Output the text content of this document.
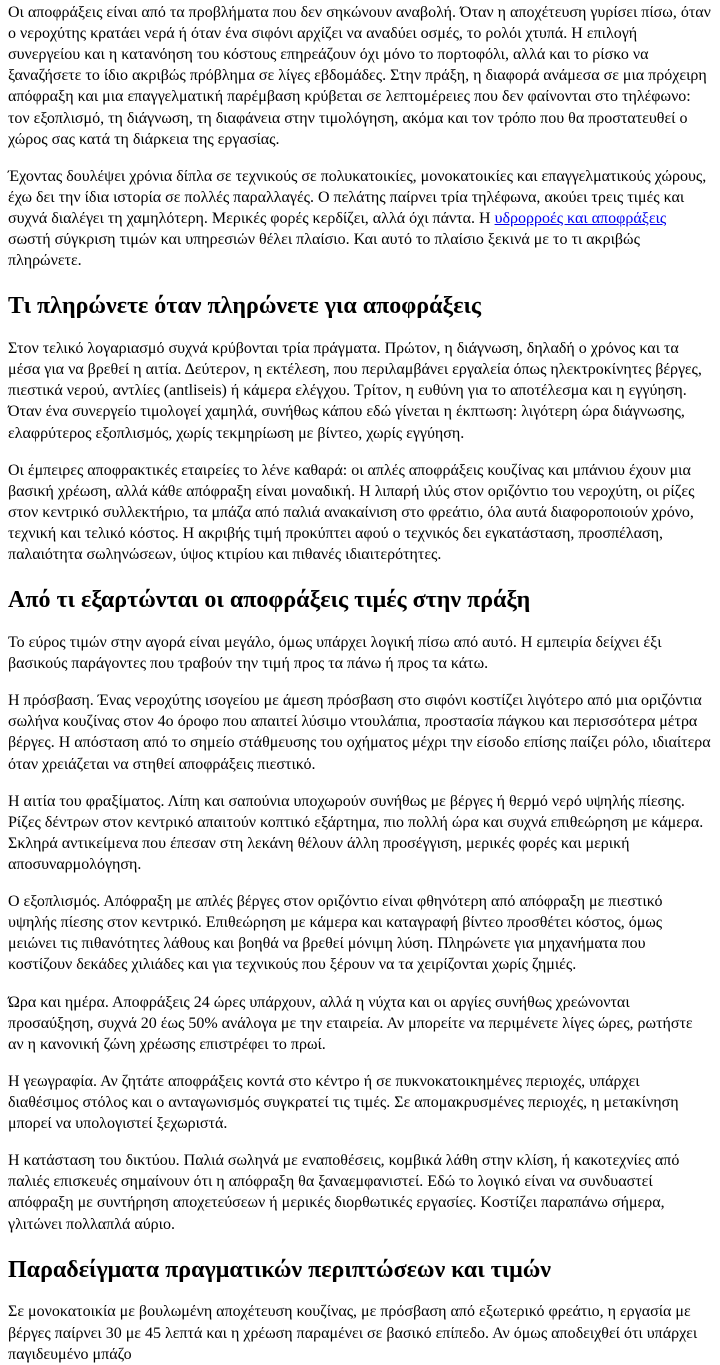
Οι αποφράξεις είναι από τα προβλήματα που δεν σηκώνουν αναβολή. Όταν η αποχέτευση γυρίσει πίσω, όταν ο νεροχύτης κρατάει νερά ή όταν ένα σιφόνι αρχίζει να αναδύει οσμές, το ρολόι χτυπά. Η επιλογή συνεργείου και η κατανόηση του κόστους επηρεάζουν όχι μόνο το πορτοφόλι, αλλά και το ρίσκο να ξαναζήσετε το ίδιο ακριβώς πρόβλημα σε λίγες εβδομάδες. Στην πράξη, η διαφορά ανάμεσα σε μια πρόχειρη απόφραξη και μια επαγγελματική παρέμβαση κρύβεται σε λεπτομέρειες που δεν φαίνονται στο τηλέφωνο: τον εξοπλισμό, τη διάγνωση, τη διαφάνεια στην τιμολόγηση, ακόμα και τον τρόπο που θα προστατευθεί ο χώρος σας κατά τη διάρκεια της εργασίας.

Έχοντας δουλέψει χρόνια δίπλα σε τεχνικούς σε πολυκατοικίες, μονοκατοικίες και επαγγελματικούς χώρους, έχω δει την ίδια ιστορία σε πολλές παραλλαγές. Ο πελάτης παίρνει τρία τηλέφωνα, ακούει τρεις τιμές και συχνά διαλέγει τη χαμηλότερη. Μερικές φορές κερδίζει, αλλά όχι πάντα. Η υδρορροές και αποφράξεις σωστή σύγκριση τιμών και υπηρεσιών θέλει πλαίσιο. Και αυτό το πλαίσιο ξεκινά με το τι ακριβώς πληρώνετε.

Τι πληρώνετε όταν πληρώνετε για αποφράξεις

Στον τελικό λογαριασμό συχνά κρύβονται τρία πράγματα. Πρώτον, η διάγνωση, δηλαδή ο χρόνος και τα μέσα για να βρεθεί η αιτία. Δεύτερον, η εκτέλεση, που περιλαμβάνει εργαλεία όπως ηλεκτροκίνητες βέργες, πιεστικά νερού, αντλίες (antliseis) ή κάμερα ελέγχου. Τρίτον, η ευθύνη για το αποτέλεσμα και η εγγύηση. Όταν ένα συνεργείο τιμολογεί χαμηλά, συνήθως κάπου εδώ γίνεται η έκπτωση: λιγότερη ώρα διάγνωσης, ελαφρύτερος εξοπλισμός, χωρίς τεκμηρίωση με βίντεο, χωρίς εγγύηση.

Οι έμπειρες αποφρακτικές εταιρείες το λένε καθαρά: οι απλές αποφράξεις κουζίνας και μπάνιου έχουν μια βασική χρέωση, αλλά κάθε απόφραξη είναι μοναδική. Η λιπαρή ιλύς στον οριζόντιο του νεροχύτη, οι ρίζες στον κεντρικό συλλεκτήριο, τα μπάζα από παλιά ανακαίνιση στο φρεάτιο, όλα αυτά διαφοροποιούν χρόνο, τεχνική και τελικό κόστος. Η ακριβής τιμή προκύπτει αφού ο τεχνικός δει εγκατάσταση, προσπέλαση, παλαιότητα σωληνώσεων, ύψος κτιρίου και πιθανές ιδιαιτερότητες.

Από τι εξαρτώνται οι αποφράξεις τιμές στην πράξη

Το εύρος τιμών στην αγορά είναι μεγάλο, όμως υπάρχει λογική πίσω από αυτό. Η εμπειρία δείχνει έξι βασικούς παράγοντες που τραβούν την τιμή προς τα πάνω ή προς τα κάτω.

Η πρόσβαση. Ένας νεροχύτης ισογείου με άμεση πρόσβαση στο σιφόνι κοστίζει λιγότερο από μια οριζόντια σωλήνα κουζίνας στον 4ο όροφο που απαιτεί λύσιμο ντουλάπια, προστασία πάγκου και περισσότερα μέτρα βέργες. Η απόσταση από το σημείο στάθμευσης του οχήματος μέχρι την είσοδο επίσης παίζει ρόλο, ιδιαίτερα όταν χρειάζεται να στηθεί αποφράξεις πιεστικό.

Η αιτία του φραξίματος. Λίπη και σαπούνια υποχωρούν συνήθως με βέργες ή θερμό νερό υψηλής πίεσης. Ρίζες δέντρων στον κεντρικό απαιτούν κοπτικό εξάρτημα, πιο πολλή ώρα και συχνά επιθεώρηση με κάμερα. Σκληρά αντικείμενα που έπεσαν στη λεκάνη θέλουν άλλη προσέγγιση, μερικές φορές και μερική αποσυναρμολόγηση.

Ο εξοπλισμός. Απόφραξη με απλές βέργες στον οριζόντιο είναι φθηνότερη από απόφραξη με πιεστικό υψηλής πίεσης στον κεντρικό. Επιθεώρηση με κάμερα και καταγραφή βίντεο προσθέτει κόστος, όμως μειώνει τις πιθανότητες λάθους και βοηθά να βρεθεί μόνιμη λύση. Πληρώνετε για μηχανήματα που κοστίζουν δεκάδες χιλιάδες και για τεχνικούς που ξέρουν να τα χειρίζονται χωρίς ζημιές.

Ώρα και ημέρα. Αποφράξεις 24 ώρες υπάρχουν, αλλά η νύχτα και οι αργίες συνήθως χρεώνονται προσαύξηση, συχνά 20 έως 50% ανάλογα με την εταιρεία. Αν μπορείτε να περιμένετε λίγες ώρες, ρωτήστε αν η κανονική ζώνη χρέωσης επιστρέφει το πρωί.

Η γεωγραφία. Αν ζητάτε αποφράξεις κοντά στο κέντρο ή σε πυκνοκατοικημένες περιοχές, υπάρχει διαθέσιμος στόλος και ο ανταγωνισμός συγκρατεί τις τιμές. Σε απομακρυσμένες περιοχές, η μετακίνηση μπορεί να υπολογιστεί ξεχωριστά.

Η κατάσταση του δικτύου. Παλιά σωληνά με εναποθέσεις, κομβικά λάθη στην κλίση, ή κακοτεχνίες από παλιές επισκευές σημαίνουν ότι η απόφραξη θα ξαναεμφανιστεί. Εδώ το λογικό είναι να συνδυαστεί απόφραξη με συντήρηση αποχετεύσεων ή μερικές διορθωτικές εργασίες. Κοστίζει παραπάνω σήμερα, γλιτώνει πολλαπλά αύριο.

Παραδείγματα πραγματικών περιπτώσεων και τιμών

Σε μονοκατοικία με βουλωμένη αποχέτευση κουζίνας, με πρόσβαση από εξωτερικό φρεάτιο, η εργασία με βέργες παίρνει 30 με 45 λεπτά και η χρέωση παραμένει σε βασικό επίπεδο. Αν όμως αποδειχθεί ότι υπάρχει παγιδευμένο μπάζο
